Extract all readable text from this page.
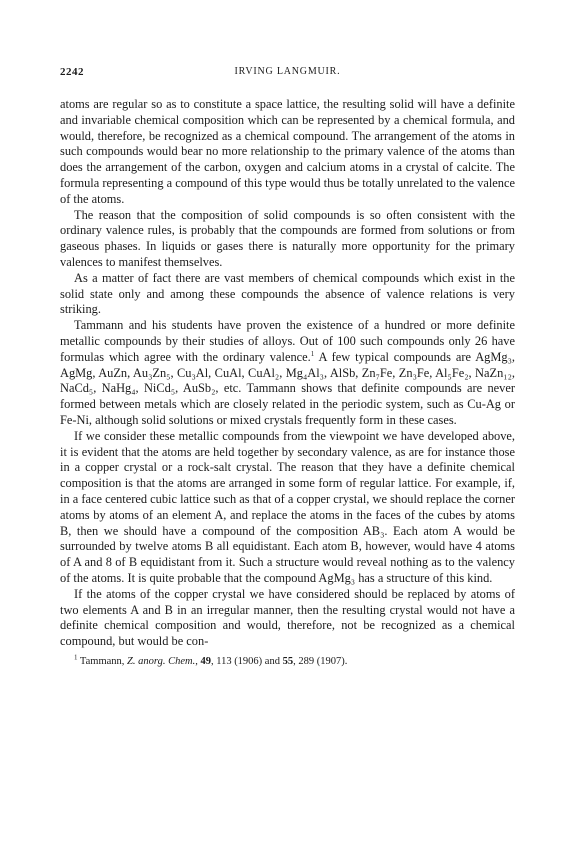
2242	IRVING LANGMUIR.

atoms are regular so as to constitute a space lattice, the resulting solid will have a definite and invariable chemical composition which can be represented by a chemical formula, and would, therefore, be recognized as a chemical compound. The arrangement of the atoms in such compounds would bear no more relationship to the primary valence of the atoms than does the arrangement of the carbon, oxygen and calcium atoms in a crystal of calcite. The formula representing a compound of this type would thus be totally unrelated to the valence of the atoms.

The reason that the composition of solid compounds is so often consistent with the ordinary valence rules, is probably that the compounds are formed from solutions or from gaseous phases. In liquids or gases there is naturally more opportunity for the primary valences to manifest themselves.

As a matter of fact there are vast members of chemical compounds which exist in the solid state only and among these compounds the absence of valence relations is very striking.

Tammann and his students have proven the existence of a hundred or more definite metallic compounds by their studies of alloys. Out of 100 such compounds only 26 have formulas which agree with the ordinary valence.$^1$ A few typical compounds are AgMg₃, AgMg, AuZn, Au₃Zn₅, Cu₃Al, CuAl, CuAl₂, Mg₄Al₃, AlSb, Zn₇Fe, Zn₃Fe, Al₅Fe₂, NaZn₁₂, NaCd₅, NaHg₄, NiCd₅, AuSb₂, etc. Tammann shows that definite compounds are never formed between metals which are closely related in the periodic system, such as Cu-Ag or Fe-Ni, although solid solutions or mixed crystals frequently form in these cases.

If we consider these metallic compounds from the viewpoint we have developed above, it is evident that the atoms are held together by secondary valence, as are for instance those in a copper crystal or a rock-salt crystal. The reason that they have a definite chemical composition is that the atoms are arranged in some form of regular lattice. For example, if, in a face centered cubic lattice such as that of a copper crystal, we should replace the corner atoms by atoms of an element A, and replace the atoms in the faces of the cubes by atoms B, then we should have a compound of the composition AB₃. Each atom A would be surrounded by twelve atoms B all equidistant. Each atom B, however, would have 4 atoms of A and 8 of B equidistant from it. Such a structure would reveal nothing as to the valency of the atoms. It is quite probable that the compound AgMg₃ has a structure of this kind.

If the atoms of the copper crystal we have considered should be replaced by atoms of two elements A and B in an irregular manner, then the resulting crystal would not have a definite chemical composition and would, therefore, not be recognized as a chemical compound, but would be con-

$^1$ Tammann, Z. anorg. Chem., 49, 113 (1906) and 55, 289 (1907).
